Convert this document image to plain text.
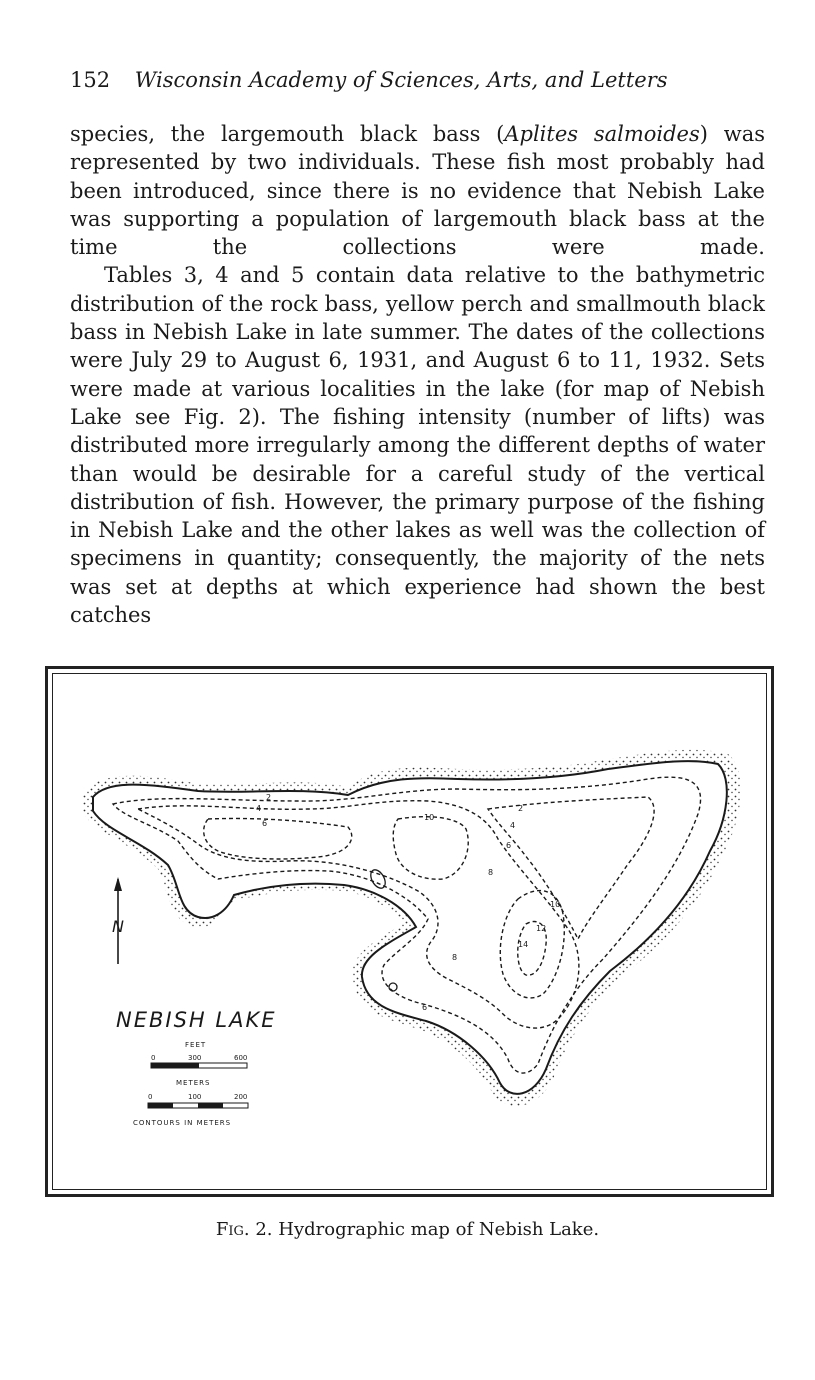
152 Wisconsin Academy of Sciences, Arts, and Letters

species, the largemouth black bass (Aplites salmoides) was represented by two individuals. These fish most probably had been introduced, since there is no evidence that Nebish Lake was supporting a population of largemouth black bass at the time the collections were made.

Tables 3, 4 and 5 contain data relative to the bathymetric distribution of the rock bass, yellow perch and smallmouth black bass in Nebish Lake in late summer. The dates of the collections were July 29 to August 6, 1931, and August 6 to 11, 1932. Sets were made at various localities in the lake (for map of Nebish Lake see Fig. 2). The fishing intensity (number of lifts) was distributed more irregularly among the different depths of water than would be desirable for a careful study of the vertical distribution of fish. However, the primary purpose of the fishing in Nebish Lake and the other lakes as well was the collection of specimens in quantity; consequently, the majority of the nets was set at depths at which experience had shown the best catches

2
4
6
10
2
4
6
8
10
12
14
8
6
N
NEBISH LAKE
FEET
0	300	600
METERS
0	100	200
CONTOURS IN METERS
Fig. 2. Hydrographic map of Nebish Lake.
